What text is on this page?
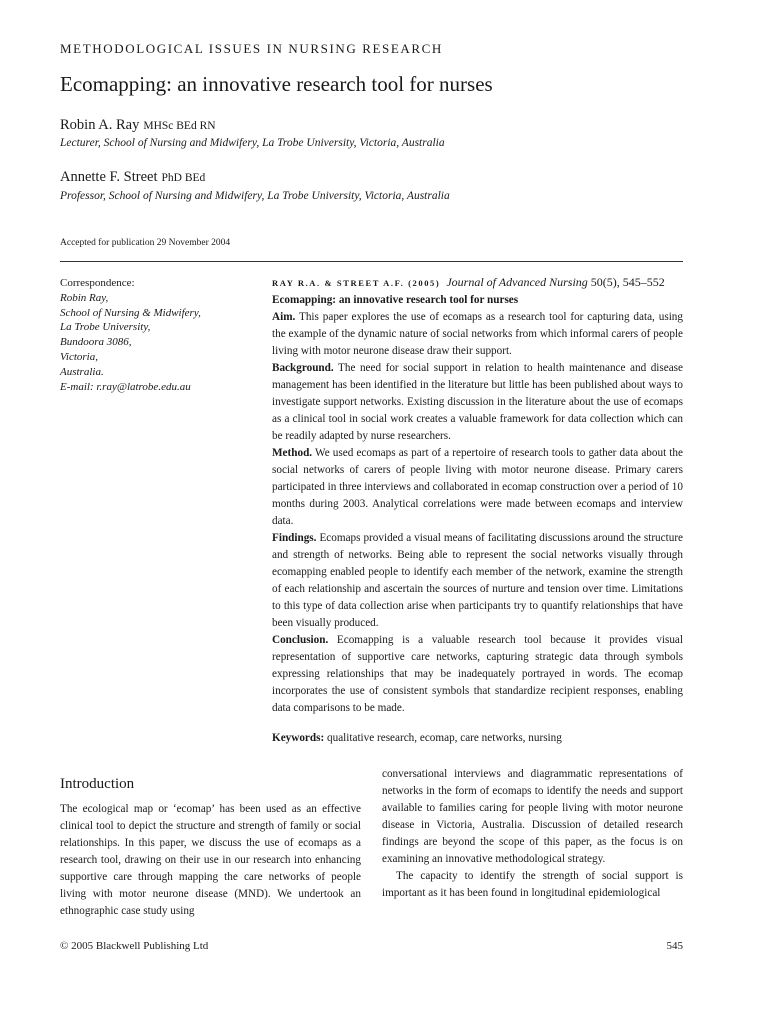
METHODOLOGICAL ISSUES IN NURSING RESEARCH
Ecomapping: an innovative research tool for nurses
Robin A. Ray MHSc BEd RN
Lecturer, School of Nursing and Midwifery, La Trobe University, Victoria, Australia
Annette F. Street PhD BEd
Professor, School of Nursing and Midwifery, La Trobe University, Victoria, Australia
Accepted for publication 29 November 2004
Correspondence:
Robin Ray,
School of Nursing & Midwifery,
La Trobe University,
Bundoora 3086,
Victoria,
Australia.
E-mail: r.ray@latrobe.edu.au
RAY R.A. & STREET A.F. (2005) Journal of Advanced Nursing 50(5), 545–552
Ecomapping: an innovative research tool for nurses

Aim. This paper explores the use of ecomaps as a research tool for capturing data, using the example of the dynamic nature of social networks from which informal carers of people living with motor neurone disease draw their support.

Background. The need for social support in relation to health maintenance and disease management has been identified in the literature but little has been published about ways to investigate support networks. Existing discussion in the literature about the use of ecomaps as a clinical tool in social work creates a valuable framework for data collection which can be readily adapted by nurse researchers.

Method. We used ecomaps as part of a repertoire of research tools to gather data about the social networks of carers of people living with motor neurone disease. Primary carers participated in three interviews and collaborated in ecomap construction over a period of 10 months during 2003. Analytical correlations were made between ecomaps and interview data.

Findings. Ecomaps provided a visual means of facilitating discussions around the structure and strength of networks. Being able to represent the social networks visually through ecomapping enabled people to identify each member of the network, examine the strength of each relationship and ascertain the sources of nurture and tension over time. Limitations to this type of data collection arise when participants try to quantify relationships that have been visually produced.

Conclusion. Ecomapping is a valuable research tool because it provides visual representation of supportive care networks, capturing strategic data through symbols expressing relationships that may be inadequately portrayed in words. The ecomap incorporates the use of consistent symbols that standardize recipient responses, enabling data comparisons to be made.

Keywords: qualitative research, ecomap, care networks, nursing
Introduction

The ecological map or ‘ecomap’ has been used as an effective clinical tool to depict the structure and strength of family or social relationships. In this paper, we discuss the use of ecomaps as a research tool, drawing on their use in our research into enhancing supportive care through mapping the care networks of people living with motor neurone disease (MND). We undertook an ethnographic case study using

conversational interviews and diagrammatic representations of networks in the form of ecomaps to identify the needs and support available to families caring for people living with motor neurone disease in Victoria, Australia. Discussion of detailed research findings are beyond the scope of this paper, as the focus is on examining an innovative methodological strategy.

The capacity to identify the strength of social support is important as it has been found in longitudinal epidemiological

© 2005 Blackwell Publishing Ltd	545
